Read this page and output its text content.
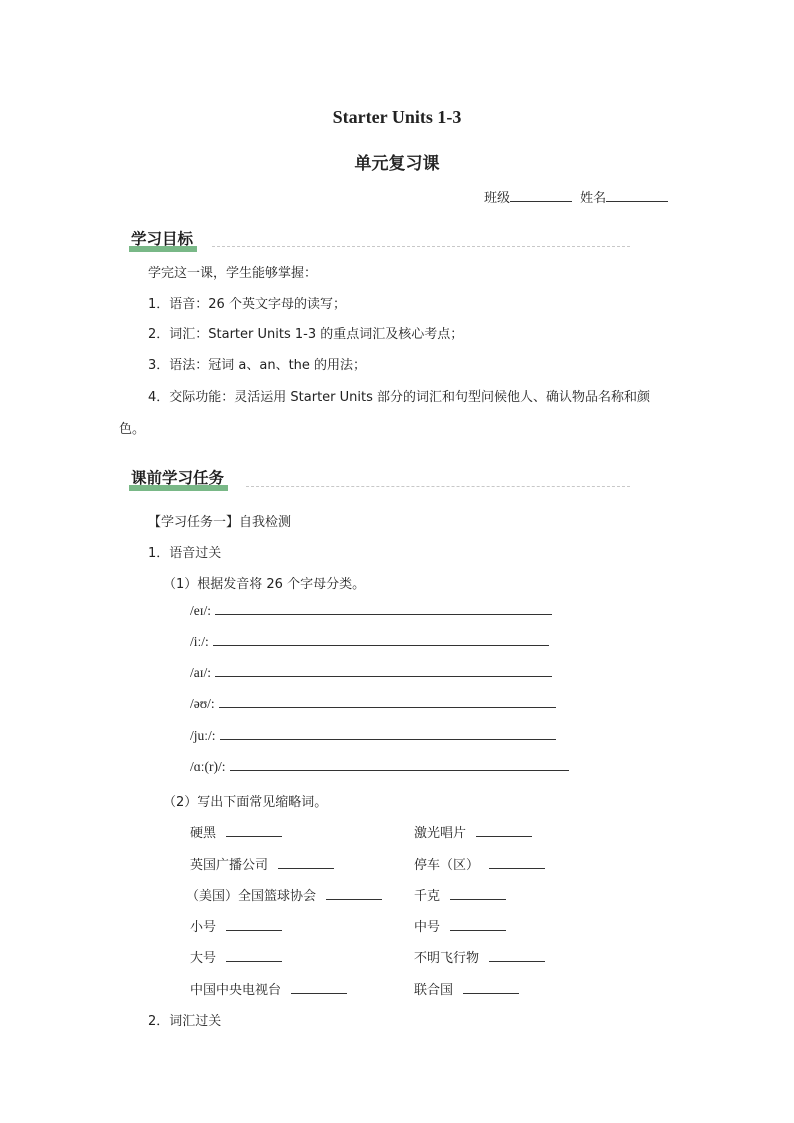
Starter Units 1-3
单元复习课
班级	姓名
学习目标
学完这一课，学生能够掌握：
1．语音：26 个英文字母的读写；
2．词汇：Starter Units 1-3 的重点词汇及核心考点；
3．语法：冠词 a、an、the 的用法；
4．交际功能：灵活运用 Starter Units 部分的词汇和句型问候他人、确认物品名称和颜
色。
课前学习任务
【学习任务一】自我检测
1．语音过关
（1）根据发音将 26 个字母分类。
/eɪ/:
/iː/:
/aɪ/:
/əʊ/:
/juː/:
/ɑː(r)/:
（2）写出下面常见缩略词。
硬黑
英国广播公司
（美国）全国篮球协会
小号
大号
中国中央电视台
激光唱片
停车（区）
千克
中号
不明飞行物
联合国
2．词汇过关
